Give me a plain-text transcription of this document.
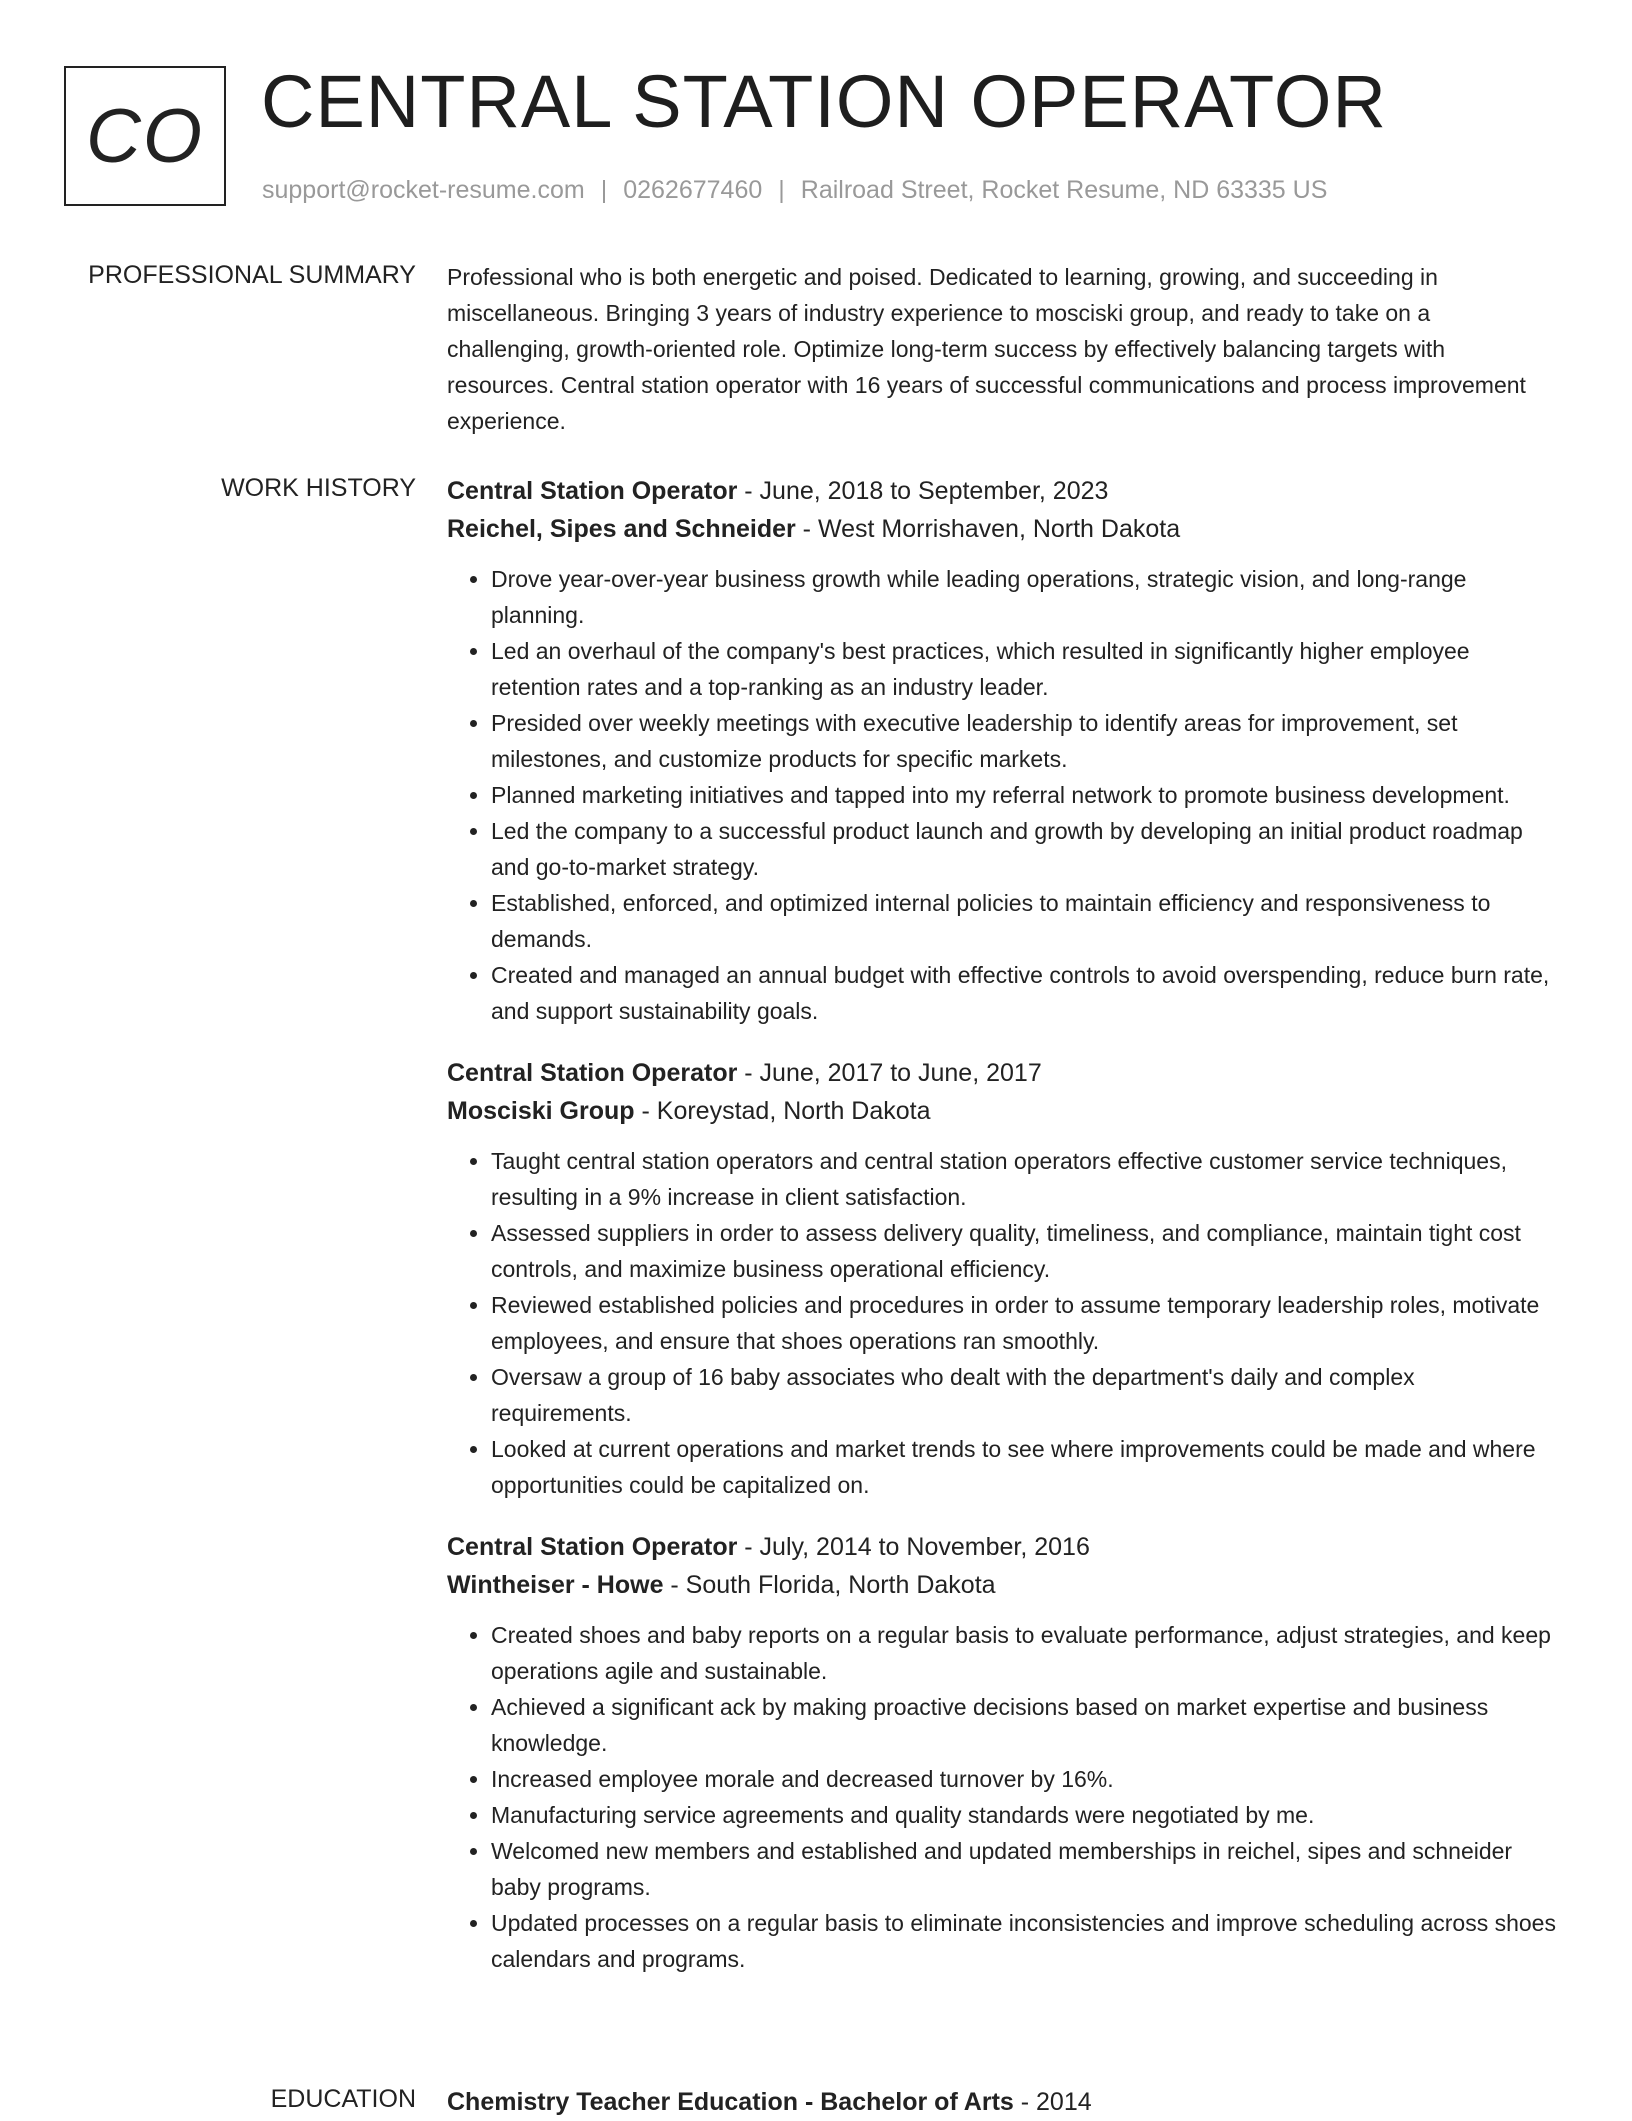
CO CENTRAL STATION OPERATOR
support@rocket-resume.com | 0262677460 | Railroad Street, Rocket Resume, ND 63335 US
PROFESSIONAL SUMMARY Professional who is both energetic and poised. Dedicated to learning, growing, and succeeding in miscellaneous. Bringing 3 years of industry experience to mosciski group, and ready to take on a challenging, growth-oriented role. Optimize long-term success by effectively balancing targets with resources. Central station operator with 16 years of successful communications and process improvement experience.

WORK HISTORY Central Station Operator - June, 2018 to September, 2023
Reichel, Sipes and Schneider - West Morrishaven, North Dakota
• Drove year-over-year business growth while leading operations, strategic vision, and long-range planning.
• Led an overhaul of the company's best practices, which resulted in significantly higher employee retention rates and a top-ranking as an industry leader.
• Presided over weekly meetings with executive leadership to identify areas for improvement, set milestones, and customize products for specific markets.
• Planned marketing initiatives and tapped into my referral network to promote business development.
• Led the company to a successful product launch and growth by developing an initial product roadmap and go-to-market strategy.
• Established, enforced, and optimized internal policies to maintain efficiency and responsiveness to demands.
• Created and managed an annual budget with effective controls to avoid overspending, reduce burn rate, and support sustainability goals.
Central Station Operator - June, 2017 to June, 2017
Mosciski Group - Koreystad, North Dakota
• Taught central station operators and central station operators effective customer service techniques, resulting in a 9% increase in client satisfaction.
• Assessed suppliers in order to assess delivery quality, timeliness, and compliance, maintain tight cost controls, and maximize business operational efficiency.
• Reviewed established policies and procedures in order to assume temporary leadership roles, motivate employees, and ensure that shoes operations ran smoothly.
• Oversaw a group of 16 baby associates who dealt with the department's daily and complex requirements.
• Looked at current operations and market trends to see where improvements could be made and where opportunities could be capitalized on.
Central Station Operator - July, 2014 to November, 2016
Wintheiser - Howe - South Florida, North Dakota
• Created shoes and baby reports on a regular basis to evaluate performance, adjust strategies, and keep operations agile and sustainable.
• Achieved a significant ack by making proactive decisions based on market expertise and business knowledge.
• Increased employee morale and decreased turnover by 16%.
• Manufacturing service agreements and quality standards were negotiated by me.
• Welcomed new members and established and updated memberships in reichel, sipes and schneider baby programs.
• Updated processes on a regular basis to eliminate inconsistencies and improve scheduling across shoes calendars and programs.
EDUCATION Chemistry Teacher Education - Bachelor of Arts - 2014
